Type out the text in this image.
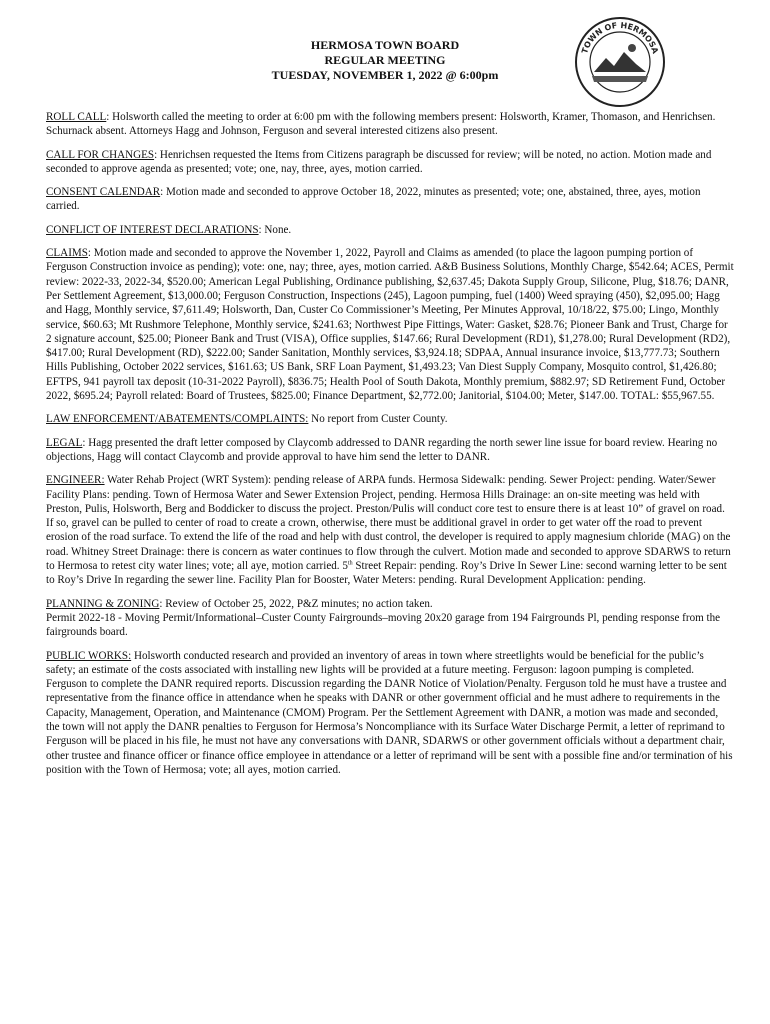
HERMOSA TOWN BOARD
REGULAR MEETING
TUESDAY, NOVEMBER 1, 2022 @ 6:00pm
TOWN OF HERMOSA

ROLL CALL: Holsworth called the meeting to order at 6:00 pm with the following members present: Holsworth, Kramer, Thomason, and Henrichsen. Schurnack absent. Attorneys Hagg and Johnson, Ferguson and several interested citizens also present.

CALL FOR CHANGES: Henrichsen requested the Items from Citizens paragraph be discussed for review; will be noted, no action. Motion made and seconded to approve agenda as presented; vote; one, nay, three, ayes, motion carried.

CONSENT CALENDAR: Motion made and seconded to approve October 18, 2022, minutes as presented; vote; one, abstained, three, ayes, motion carried.

CONFLICT OF INTEREST DECLARATIONS: None.

CLAIMS: Motion made and seconded to approve the November 1, 2022, Payroll and Claims as amended (to place the lagoon pumping portion of Ferguson Construction invoice as pending); vote: one, nay; three, ayes, motion carried. A&B Business Solutions, Monthly Charge, $542.64; ACES, Permit review: 2022-33, 2022-34, $520.00; American Legal Publishing, Ordinance publishing, $2,637.45; Dakota Supply Group, Silicone, Plug, $18.76; DANR, Per Settlement Agreement, $13,000.00; Ferguson Construction, Inspections (245), Lagoon pumping, fuel (1400) Weed spraying (450), $2,095.00; Hagg and Hagg, Monthly service, $7,611.49; Holsworth, Dan, Custer Co Commissioner’s Meeting, Per Minutes Approval, 10/18/22, $75.00; Lingo, Monthly service, $60.63; Mt Rushmore Telephone, Monthly service, $241.63; Northwest Pipe Fittings, Water: Gasket, $28.76; Pioneer Bank and Trust, Charge for 2 signature account, $25.00; Pioneer Bank and Trust (VISA), Office supplies, $147.66; Rural Development (RD1), $1,278.00; Rural Development (RD2), $417.00; Rural Development (RD), $222.00; Sander Sanitation, Monthly services, $3,924.18; SDPAA, Annual insurance invoice, $13,777.73; Southern Hills Publishing, October 2022 services, $161.63; US Bank, SRF Loan Payment, $1,493.23; Van Diest Supply Company, Mosquito control, $1,426.80; EFTPS, 941 payroll tax deposit (10-31-2022 Payroll), $836.75; Health Pool of South Dakota, Monthly premium, $882.97; SD Retirement Fund, October 2022, $695.24; Payroll related: Board of Trustees, $825.00; Finance Department, $2,772.00; Janitorial, $104.00; Meter, $147.00. TOTAL: $55,967.55.

LAW ENFORCEMENT/ABATEMENTS/COMPLAINTS: No report from Custer County.

LEGAL: Hagg presented the draft letter composed by Claycomb addressed to DANR regarding the north sewer line issue for board review. Hearing no objections, Hagg will contact Claycomb and provide approval to have him send the letter to DANR.

ENGINEER: Water Rehab Project (WRT System): pending release of ARPA funds. Hermosa Sidewalk: pending. Sewer Project: pending. Water/Sewer Facility Plans: pending. Town of Hermosa Water and Sewer Extension Project, pending. Hermosa Hills Drainage: an on-site meeting was held with Preston, Pulis, Holsworth, Berg and Boddicker to discuss the project. Preston/Pulis will conduct core test to ensure there is at least 10” of gravel on road. If so, gravel can be pulled to center of road to create a crown, otherwise, there must be additional gravel in order to get water off the road to prevent erosion of the road surface. To extend the life of the road and help with dust control, the developer is required to apply magnesium chloride (MAG) on the road. Whitney Street Drainage: there is concern as water continues to flow through the culvert. Motion made and seconded to approve SDARWS to return to Hermosa to retest city water lines; vote; all aye, motion carried. 5th Street Repair: pending. Roy’s Drive In Sewer Line: second warning letter to be sent to Roy’s Drive In regarding the sewer line. Facility Plan for Booster, Water Meters: pending. Rural Development Application: pending.

PLANNING & ZONING: Review of October 25, 2022, P&Z minutes; no action taken.

Permit 2022-18 - Moving Permit/Informational–Custer County Fairgrounds–moving 20x20 garage from 194 Fairgrounds Pl, pending response from the fairgrounds board.

PUBLIC WORKS: Holsworth conducted research and provided an inventory of areas in town where streetlights would be beneficial for the public’s safety; an estimate of the costs associated with installing new lights will be provided at a future meeting. Ferguson: lagoon pumping is completed. Ferguson to complete the DANR required reports. Discussion regarding the DANR Notice of Violation/Penalty. Ferguson told he must have a trustee and representative from the finance office in attendance when he speaks with DANR or other government official and he must adhere to requirements in the Capacity, Management, Operation, and Maintenance (CMOM) Program. Per the Settlement Agreement with DANR, a motion was made and seconded, the town will not apply the DANR penalties to Ferguson for Hermosa’s Noncompliance with its Surface Water Discharge Permit, a letter of reprimand to Ferguson will be placed in his file, he must not have any conversations with DANR, SDARWS or other government officials without a department chair, other trustee and finance officer or finance office employee in attendance or a letter of reprimand will be sent with a possible fine and/or termination of his position with the Town of Hermosa; vote; all ayes, motion carried.
